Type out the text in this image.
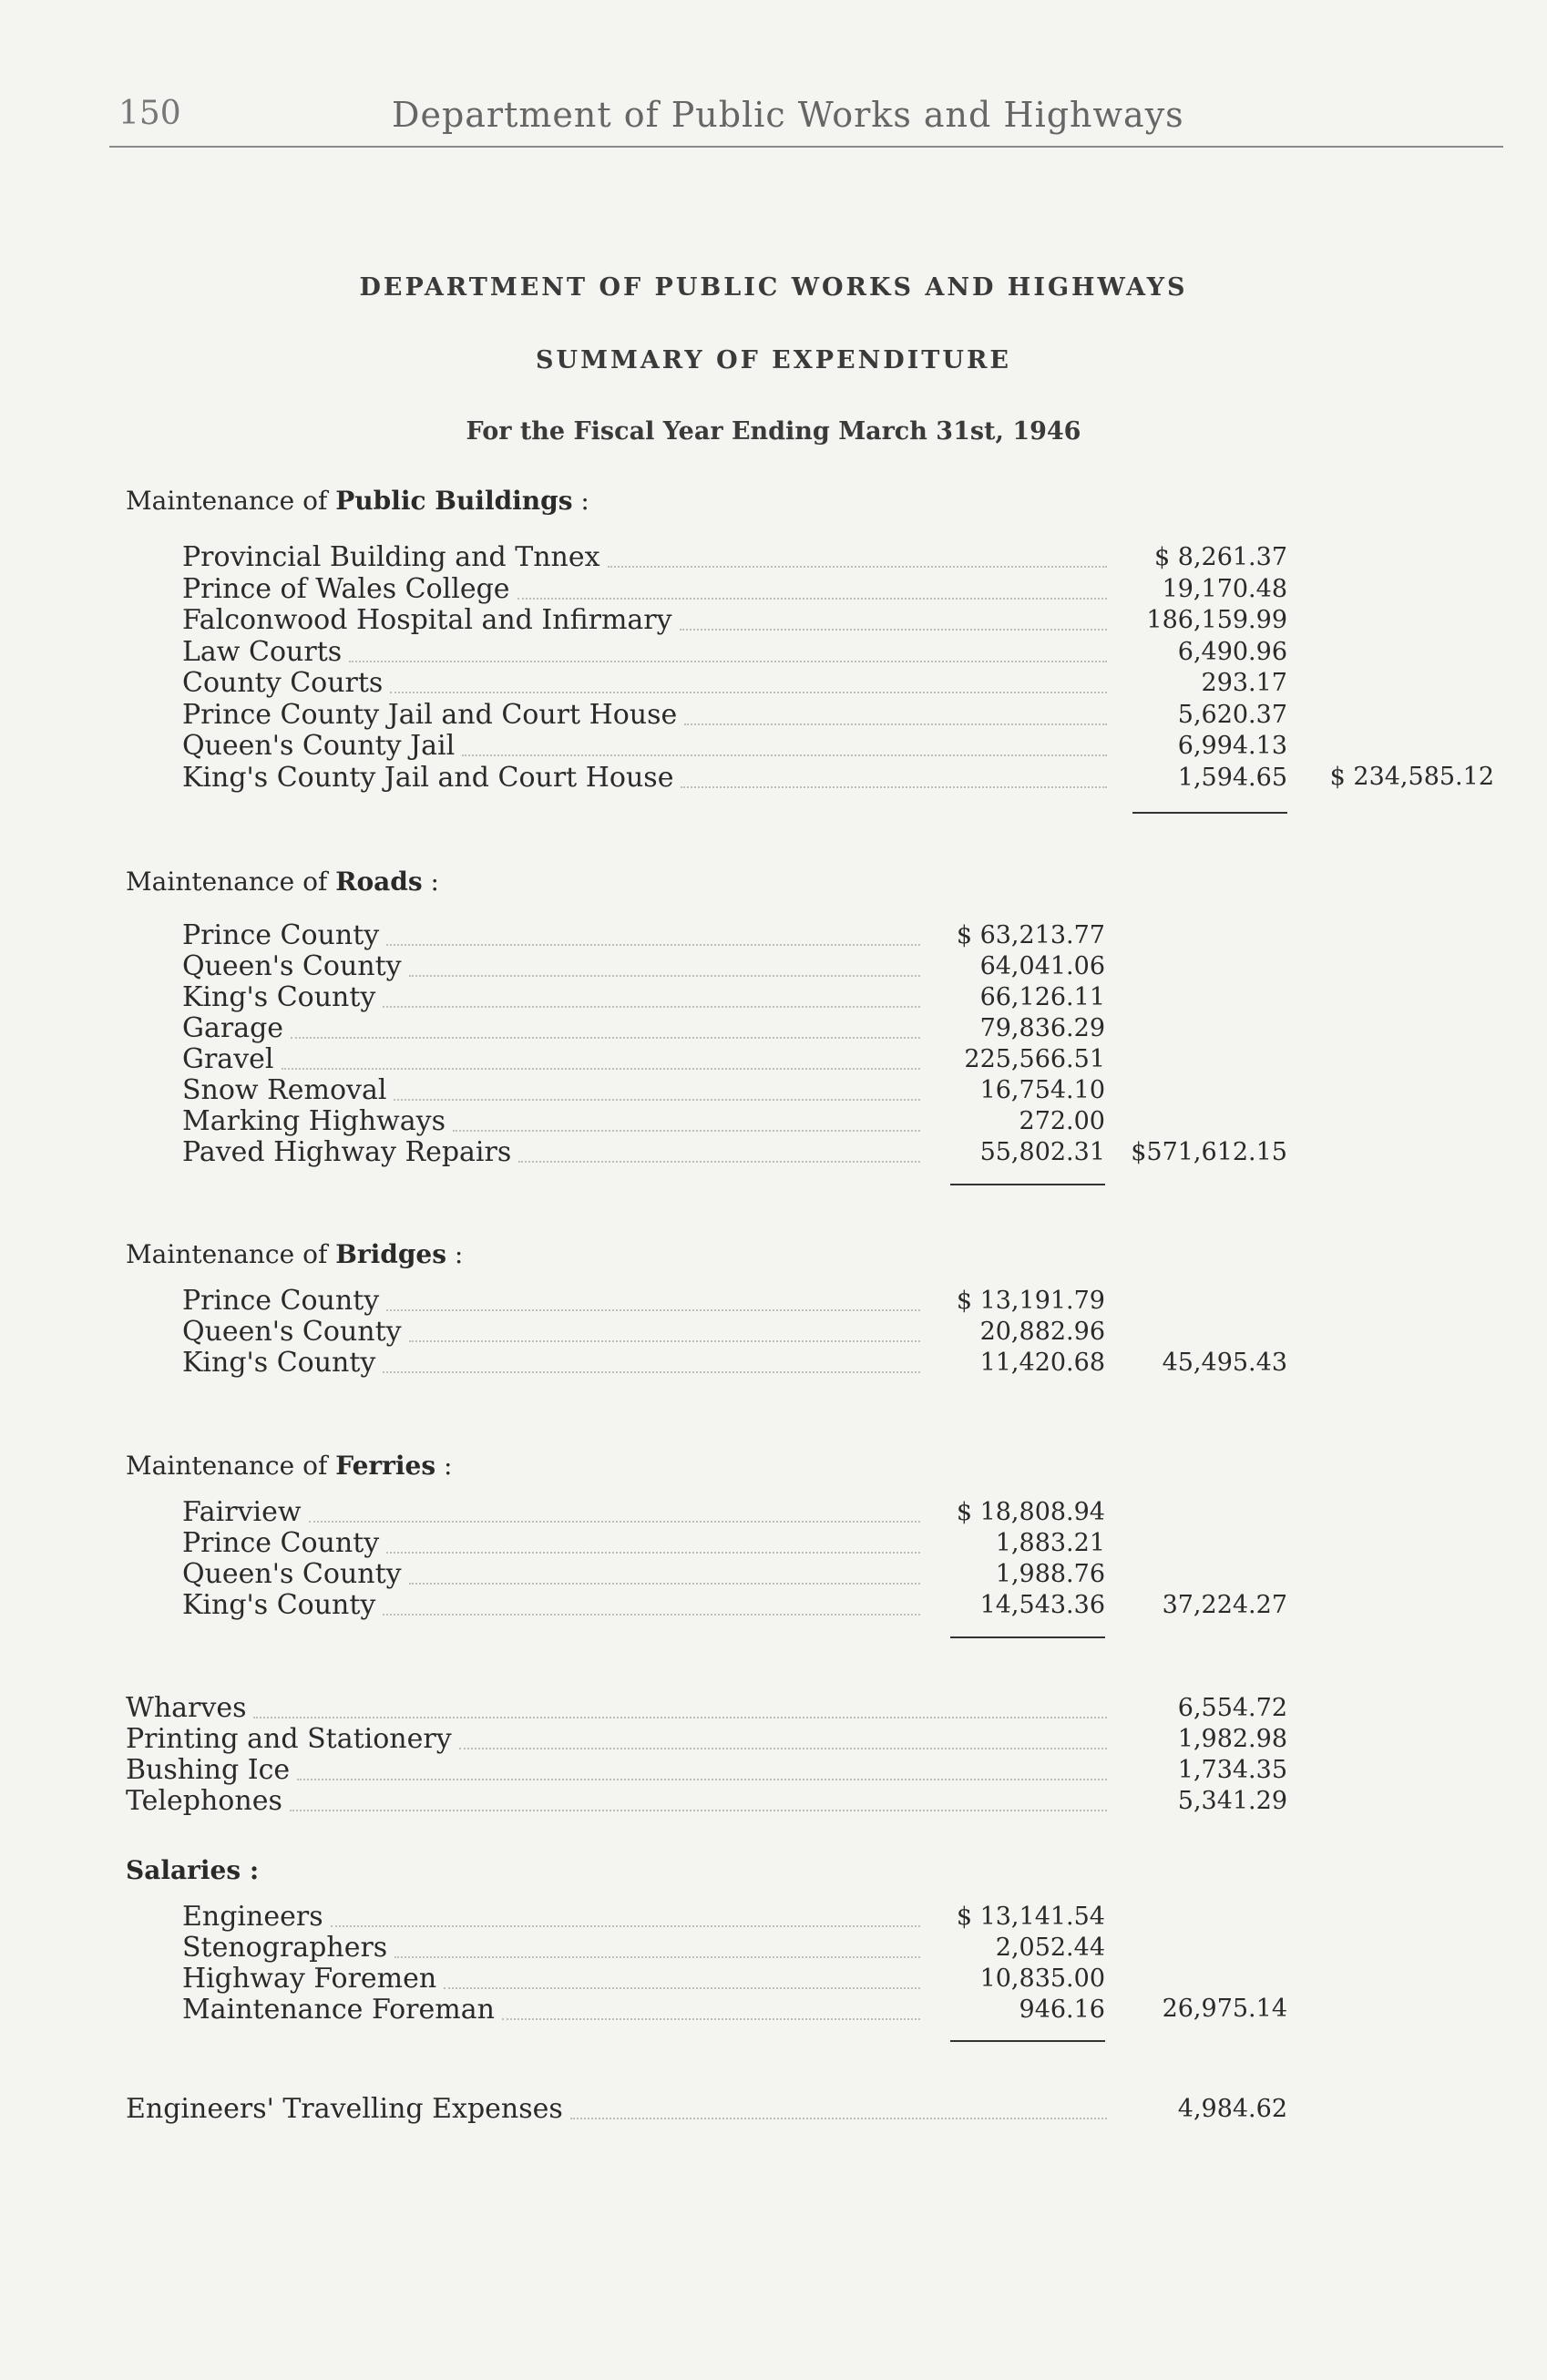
150	Department of Public Works and Highways
DEPARTMENT OF PUBLIC WORKS AND HIGHWAYS
SUMMARY OF EXPENDITURE
For the Fiscal Year Ending March 31st, 1946
Maintenance of Public Buildings :
Provincial Building and Tnnex	$ 8,261.37
Prince of Wales College	19,170.48
Falconwood Hospital and Infirmary	186,159.99
Law Courts	6,490.96
County Courts	293.17
Prince County Jail and Court House	5,620.37
Queen's County Jail	6,994.13
King's County Jail and Court House	1,594.65 $ 234,585.12
Maintenance of Roads :
Prince County	$ 63,213.77
Queen's County	64,041.06
King's County	66,126.11
Garage	79,836.29
Gravel	225,566.51
Snow Removal	16,754.10
Marking Highways	272.00
Paved Highway Repairs	55,802.31 $571,612.15
Maintenance of Bridges :
Prince County	$ 13,191.79
Queen's County	20,882.96
King's County	11,420.68 45,495.43
Maintenance of Ferries :
Fairview	$ 18,808.94
Prince County	1,883.21
Queen's County	1,988.76
King's County	14,543.36 37,224.27
Wharves	6,554.72
Printing and Stationery	1,982.98
Bushing Ice	1,734.35
Telephones	5,341.29
Salaries :
Engineers	$ 13,141.54
Stenographers	2,052.44
Highway Foremen	10,835.00
Maintenance Foreman	946.16 26,975.14
Engineers' Travelling Expenses	4,984.62
